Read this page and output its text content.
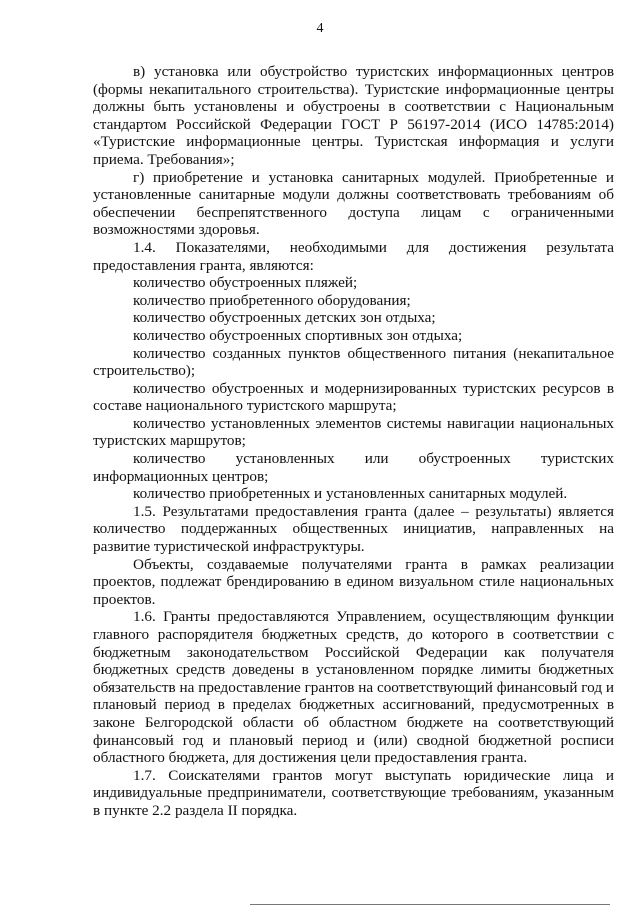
4

в) установка или обустройство туристских информационных центров (формы некапитального строительства). Туристские информационные центры должны быть установлены и обустроены в соответствии с Национальным стандартом Российской Федерации ГОСТ Р 56197-2014 (ИСО 14785:2014) «Туристские информационные центры. Туристская информация и услуги приема. Требования»;

г) приобретение и установка санитарных модулей. Приобретенные и установленные санитарные модули должны соответствовать требованиям об обеспечении беспрепятственного доступа лицам с ограниченными возможностями здоровья.

1.4. Показателями, необходимыми для достижения результата предоставления гранта, являются:

количество обустроенных пляжей;

количество приобретенного оборудования;

количество обустроенных детских зон отдыха;

количество обустроенных спортивных зон отдыха;

количество созданных пунктов общественного питания (некапитальное строительство);

количество обустроенных и модернизированных туристских ресурсов в составе национального туристского маршрута;

количество установленных элементов системы навигации национальных туристских маршрутов;

количество установленных или обустроенных туристских информационных центров;

количество приобретенных и установленных санитарных модулей.

1.5. Результатами предоставления гранта (далее – результаты) является количество поддержанных общественных инициатив, направленных на развитие туристической инфраструктуры.

Объекты, создаваемые получателями гранта в рамках реализации проектов, подлежат брендированию в едином визуальном стиле национальных проектов.

1.6. Гранты предоставляются Управлением, осуществляющим функции главного распорядителя бюджетных средств, до которого в соответствии с бюджетным законодательством Российской Федерации как получателя бюджетных средств доведены в установленном порядке лимиты бюджетных обязательств на предоставление грантов на соответствующий финансовый год и плановый период в пределах бюджетных ассигнований, предусмотренных в законе Белгородской области об областном бюджете на соответствующий финансовый год и плановый период и (или) сводной бюджетной росписи областного бюджета, для достижения цели предоставления гранта.

1.7. Соискателями грантов могут выступать юридические лица и индивидуальные предприниматели, соответствующие требованиям, указанным в пункте 2.2 раздела II порядка.
